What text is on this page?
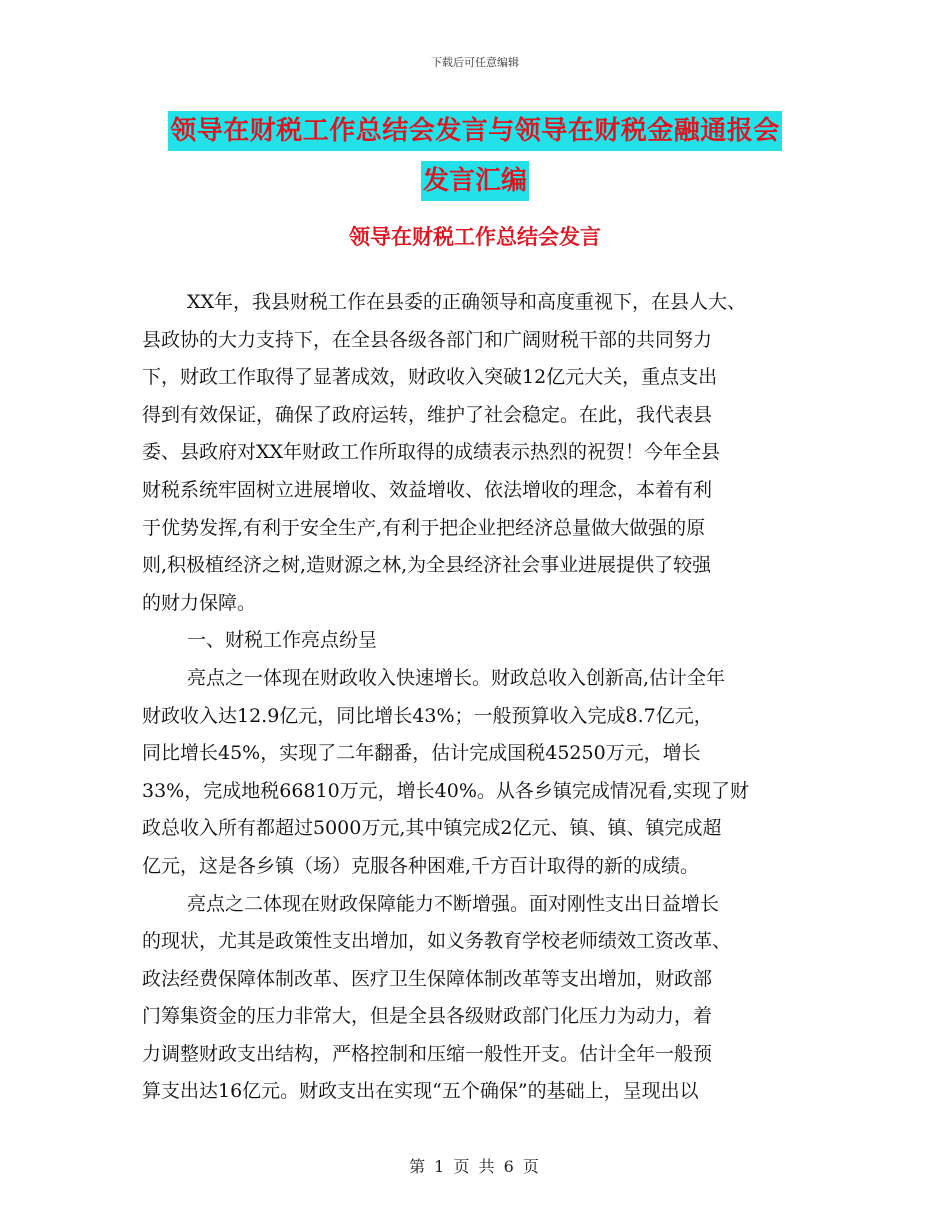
下载后可任意编辑
领导在财税工作总结会发言与领导在财税金融通报会
发言汇编
领导在财税工作总结会发言
XX年，我县财税工作在县委的正确领导和高度重视下，在县人大、
县政协的大力支持下，在全县各级各部门和广阔财税干部的共同努力
下，财政工作取得了显著成效，财政收入突破12亿元大关，重点支出
得到有效保证，确保了政府运转，维护了社会稳定。在此，我代表县
委、县政府对XX年财政工作所取得的成绩表示热烈的祝贺！今年全县
财税系统牢固树立进展增收、效益增收、依法增收的理念，本着有利
于优势发挥,有利于安全生产,有利于把企业把经济总量做大做强的原
则,积极植经济之树,造财源之林,为全县经济社会事业进展提供了较强
的财力保障。
一、财税工作亮点纷呈
亮点之一体现在财政收入快速增长。财政总收入创新高,估计全年
财政收入达12.9亿元，同比增长43%；一般预算收入完成8.7亿元，
同比增长45%，实现了二年翻番，估计完成国税45250万元，增长
33%，完成地税66810万元，增长40%。从各乡镇完成情况看,实现了财
政总收入所有都超过5000万元,其中镇完成2亿元、镇、镇、镇完成超
亿元，这是各乡镇（场）克服各种困难,千方百计取得的新的成绩。
亮点之二体现在财政保障能力不断增强。面对刚性支出日益增长
的现状，尤其是政策性支出增加，如义务教育学校老师绩效工资改革、
政法经费保障体制改革、医疗卫生保障体制改革等支出增加，财政部
门筹集资金的压力非常大，但是全县各级财政部门化压力为动力，着
力调整财政支出结构，严格控制和压缩一般性开支。估计全年一般预
算支出达16亿元。财政支出在实现“五个确保”的基础上，呈现出以
第 1 页 共 6 页
